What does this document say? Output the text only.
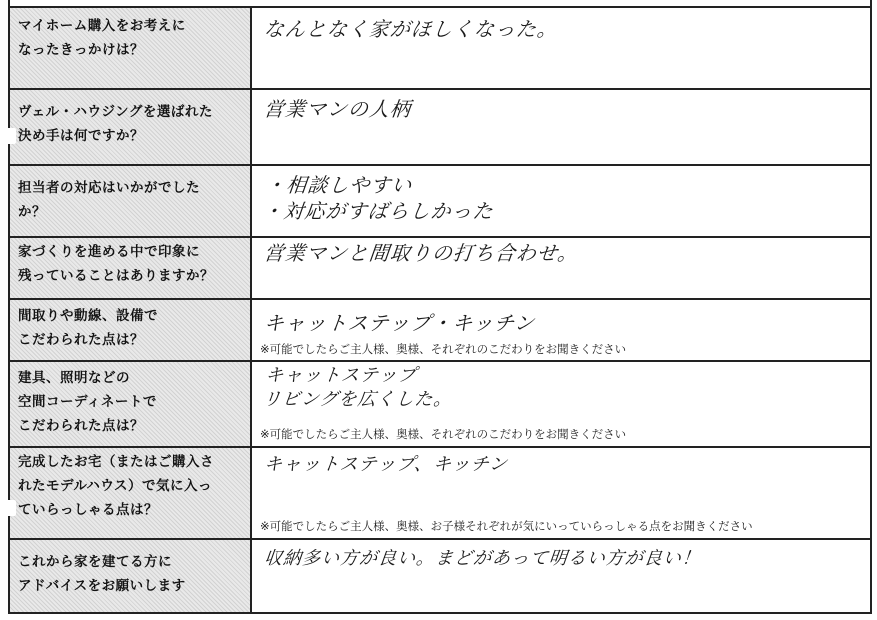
マイホーム購入をお考えに
なったきっかけは？
なんとなく家がほしくなった。
ヴェル・ハウジングを選ばれた
決め手は何ですか？
営業マンの人柄
担当者の対応はいかがでした
か？
・相談しやすい
・対応がすばらしかった
家づくりを進める中で印象に
残っていることはありますか？
営業マンと間取りの打ち合わせ。
間取りや動線、設備で
こだわられた点は？
キャットステップ・キッチン
※可能でしたらご主人様、奥様、それぞれのこだわりをお聞きください
建具、照明などの
空間コーディネートで
こだわられた点は？
キャットステップ
リビングを広くした。
※可能でしたらご主人様、奥様、それぞれのこだわりをお聞きください
完成したお宅（またはご購入さ
れたモデルハウス）で気に入っ
ていらっしゃる点は？
キャットステップ、キッチン
※可能でしたらご主人様、奥様、お子様それぞれが気にいっていらっしゃる点をお聞きください
これから家を建てる方に
アドバイスをお願いします
収納多い方が良い。まどがあって明るい方が良い！
